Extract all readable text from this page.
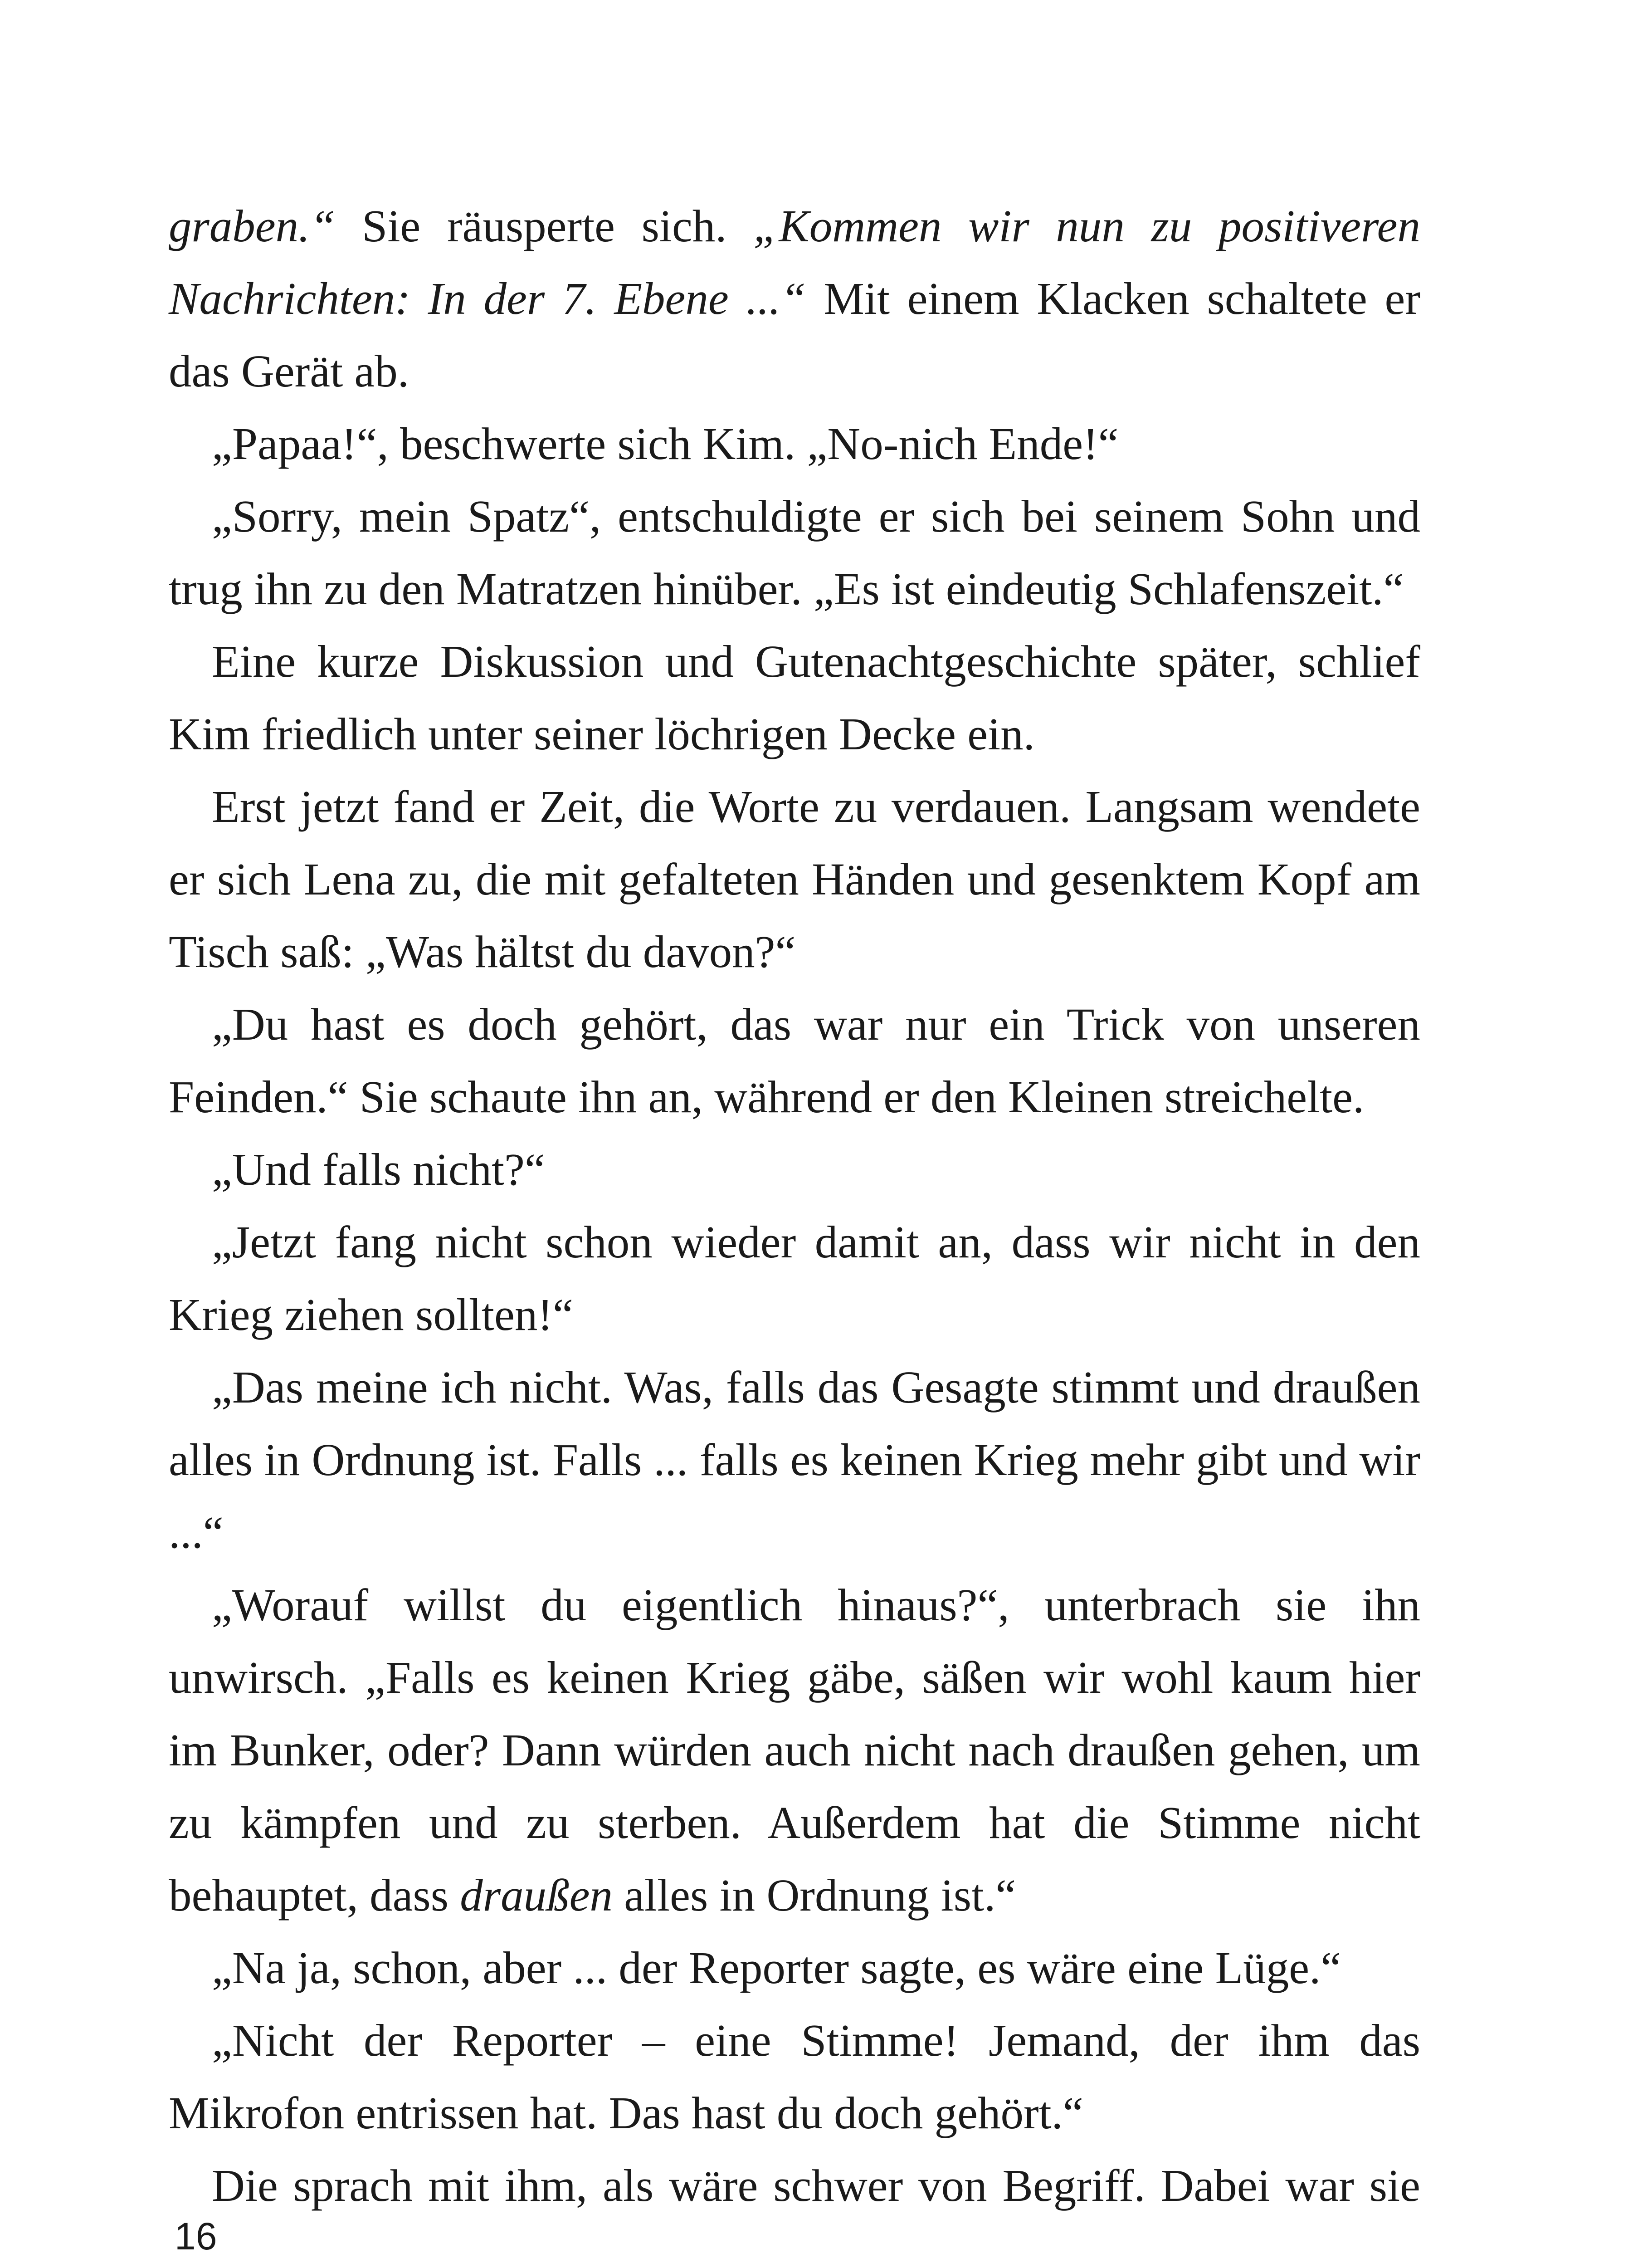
graben.“ Sie räusperte sich. „Kommen wir nun zu positiveren Nachrichten: In der 7. Ebene ...“ Mit einem Klacken schaltete er das Gerät ab.

„Papaa!“, beschwerte sich Kim. „No-nich Ende!“

„Sorry, mein Spatz“, entschuldigte er sich bei seinem Sohn und trug ihn zu den Matratzen hinüber. „Es ist eindeutig Schlafenszeit.“

Eine kurze Diskussion und Gutenachtgeschichte später, schlief Kim friedlich unter seiner löchrigen Decke ein.

Erst jetzt fand er Zeit, die Worte zu verdauen. Langsam wendete er sich Lena zu, die mit gefalteten Händen und gesenktem Kopf am Tisch saß: „Was hältst du davon?“

„Du hast es doch gehört, das war nur ein Trick von unseren Feinden.“ Sie schaute ihn an, während er den Kleinen streichelte.

„Und falls nicht?“

„Jetzt fang nicht schon wieder damit an, dass wir nicht in den Krieg ziehen sollten!“

„Das meine ich nicht. Was, falls das Gesagte stimmt und draußen alles in Ordnung ist. Falls ... falls es keinen Krieg mehr gibt und wir ...“

„Worauf willst du eigentlich hinaus?“, unterbrach sie ihn unwirsch. „Falls es keinen Krieg gäbe, säßen wir wohl kaum hier im Bunker, oder? Dann würden auch nicht nach draußen gehen, um zu kämpfen und zu sterben. Außerdem hat die Stimme nicht behauptet, dass draußen alles in Ordnung ist.“

„Na ja, schon, aber ... der Reporter sagte, es wäre eine Lüge.“

„Nicht der Reporter – eine Stimme! Jemand, der ihm das Mikrofon entrissen hat. Das hast du doch gehört.“

Die sprach mit ihm, als wäre schwer von Begriff. Dabei war sie

16
